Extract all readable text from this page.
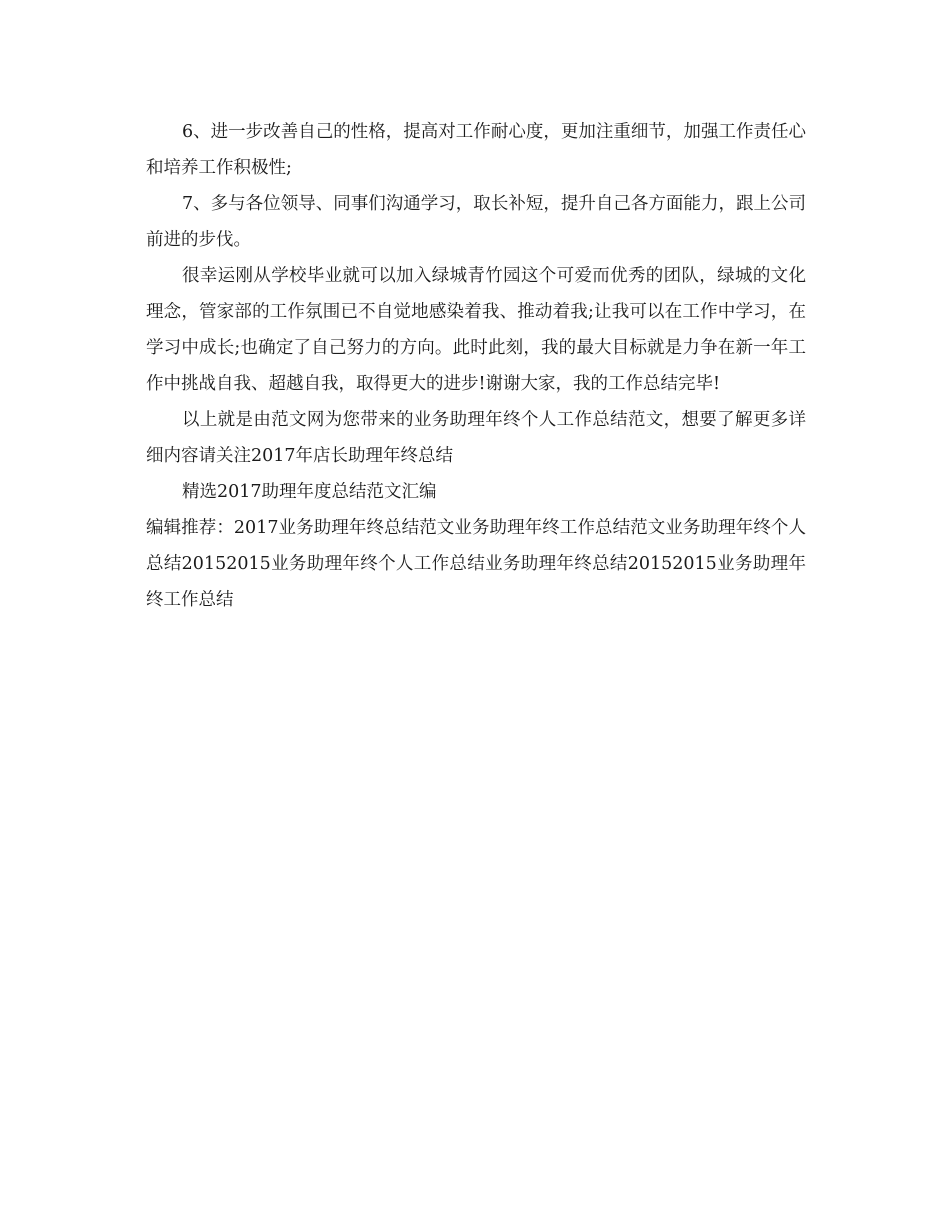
6、进一步改善自己的性格，提高对工作耐心度，更加注重细节，加强工作责任心和培养工作积极性;

7、多与各位领导、同事们沟通学习，取长补短，提升自己各方面能力，跟上公司前进的步伐。

很幸运刚从学校毕业就可以加入绿城青竹园这个可爱而优秀的团队，绿城的文化理念，管家部的工作氛围已不自觉地感染着我、推动着我;让我可以在工作中学习，在学习中成长;也确定了自己努力的方向。此时此刻，我的最大目标就是力争在新一年工作中挑战自我、超越自我，取得更大的进步!谢谢大家，我的工作总结完毕!

以上就是由范文网为您带来的业务助理年终个人工作总结范文，想要了解更多详细内容请关注2017年店长助理年终总结

精选2017助理年度总结范文汇编

编辑推荐：2017业务助理年终总结范文业务助理年终工作总结范文业务助理年终个人总结20152015业务助理年终个人工作总结业务助理年终总结20152015业务助理年终工作总结
